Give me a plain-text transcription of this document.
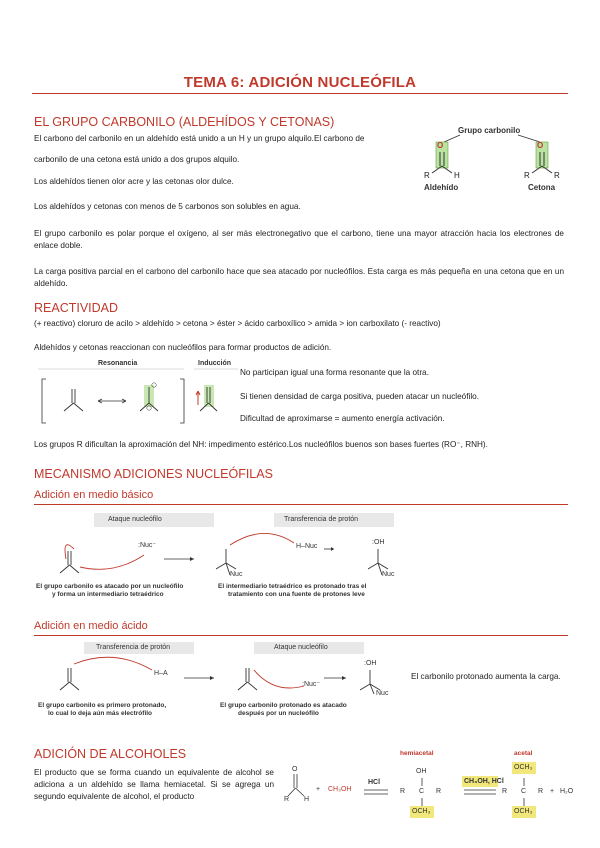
TEMA 6: ADICIÓN NUCLEÓFILA
EL GRUPO CARBONILO (ALDEHÍDOS Y CETONAS)
El carbono del carbonilo en un aldehído está unido a un H y un grupo alquilo.El carbono de
carbonilo de una cetona está unido a dos grupos alquilo.
Los aldehídos tienen olor acre y las cetonas olor dulce.
Los aldehídos y cetonas con menos de 5 carbonos son solubles en agua.
El grupo carbonilo es polar porque el oxígeno, al ser más electronegativo que el carbono, tiene una mayor atracción hacia los electrones de enlace doble.
La carga positiva parcial en el carbono del carbonilo hace que sea atacado por nucleófilos. Esta carga es más pequeña en una cetona que en un aldehído.
Grupo carbonilo
O	O
R	H	R	R
Aldehído	Cetona
REACTIVIDAD
(+ reactivo) cloruro de acilo > aldehído > cetona > éster > ácido carboxílico > amida > ion carboxilato (- reactivo)
Aldehídos y cetonas reaccionan con nucleófilos para formar productos de adición.
Resonancia	Inducción
No participan igual una forma resonante que la otra.
Si tienen densidad de carga positiva, pueden atacar un nucleófilo.
Dificultad de aproximarse = aumento energía activación.
Los grupos R dificultan la aproximación del NH: impedimento estérico.Los nucleófilos buenos son bases fuertes (RO⁻, RNH).
MECANISMO ADICIONES NUCLEÓFILAS
Adición en medio básico
Ataque nucleófilo	Transferencia de protón
:Nuc⁻	H–Nuc
Nuc
:OH
Nuc
El grupo carbonilo es atacado por un nucleófilo
y forma un intermediario tetraédrico
El intermediario tetraédrico es protonado tras el
tratamiento con una fuente de protones leve
Adición en medio ácido
Transferencia de protón	Ataque nucleófilo
H–A
:Nuc⁻
:OH
Nuc
El grupo carbonilo es primero protonado,
lo cual lo deja aún más electrófilo
El grupo carbonilo protonado es atacado
después por un nucleófilo
El carbonilo protonado aumenta la carga.
ADICIÓN DE ALCOHOLES
El producto que se forma cuando un equivalente de alcohol se adiciona a un aldehído se llama hemiacetal. Si se agrega un segundo equivalente de alcohol, el producto
hemiacetal	acetal
O
R H
+ CH₃OH
HCl
OH
R C R
OCH₃
CH₃OH, HCl
OCH₃
R C R
OCH₃
+ H₂O
